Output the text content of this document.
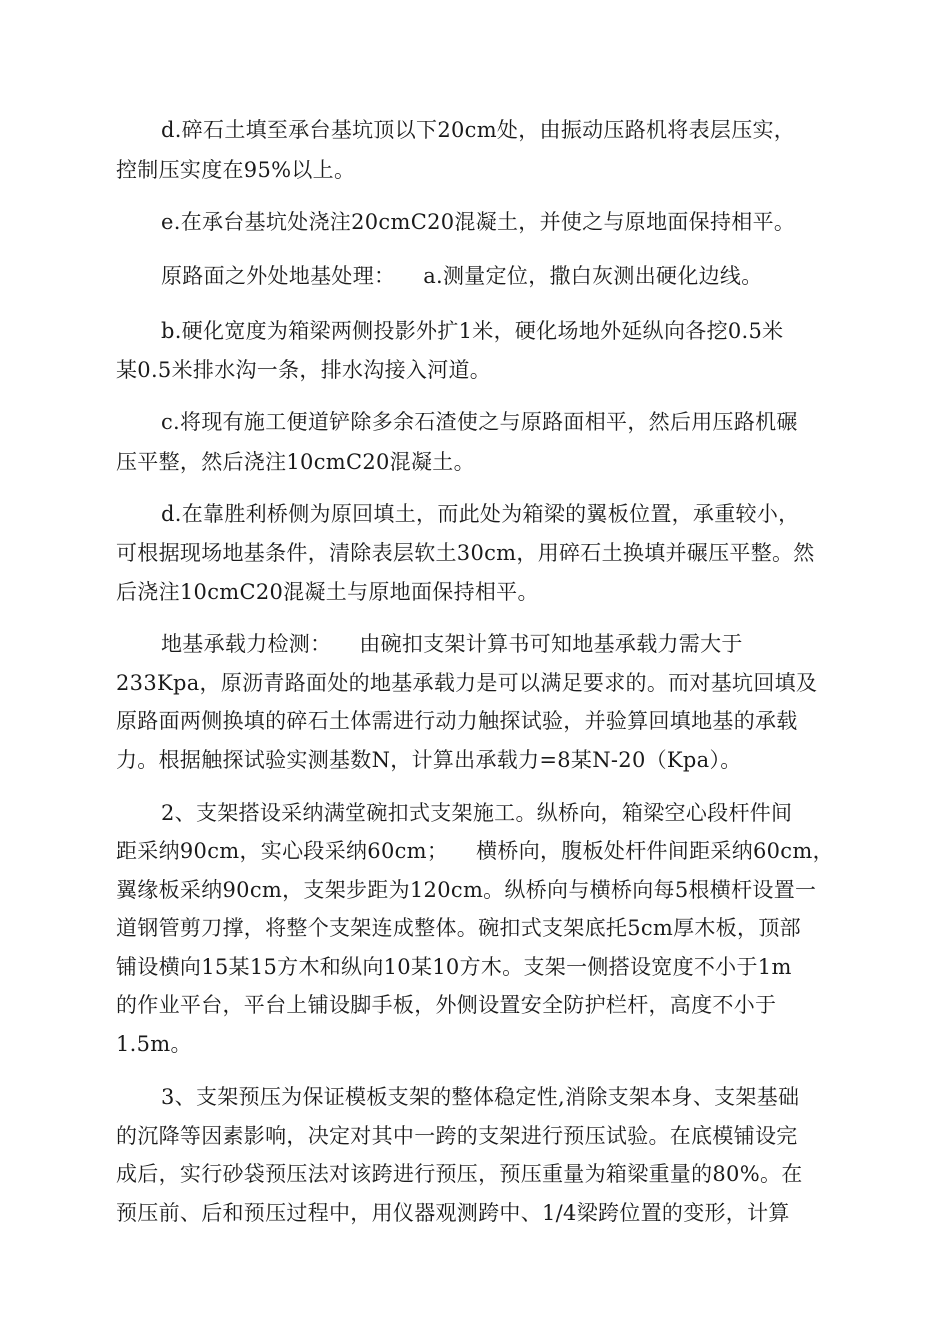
d.碎石土填至承台基坑顶以下20cm处，由振动压路机将表层压实，
控制压实度在95%以上。
e.在承台基坑处浇注20cmC20混凝土，并使之与原地面保持相平。
原路面之外处地基处理：    a.测量定位，撒白灰测出硬化边线。
b.硬化宽度为箱梁两侧投影外扩1米，硬化场地外延纵向各挖0.5米
某0.5米排水沟一条，排水沟接入河道。
c.将现有施工便道铲除多余石渣使之与原路面相平，然后用压路机碾
压平整，然后浇注10cmC20混凝土。
d.在靠胜利桥侧为原回填土，而此处为箱梁的翼板位置，承重较小，
可根据现场地基条件，清除表层软土30cm，用碎石土换填并碾压平整。然
后浇注10cmC20混凝土与原地面保持相平。
地基承载力检测：    由碗扣支架计算书可知地基承载力需大于
233Kpa，原沥青路面处的地基承载力是可以满足要求的。而对基坑回填及
原路面两侧换填的碎石土体需进行动力触探试验，并验算回填地基的承载
力。根据触探试验实测基数N，计算出承载力=8某N-20（Kpa）。
2、支架搭设采纳满堂碗扣式支架施工。纵桥向，箱梁空心段杆件间
距采纳90cm，实心段采纳60cm；    横桥向，腹板处杆件间距采纳60cm，
翼缘板采纳90cm，支架步距为120cm。纵桥向与横桥向每5根横杆设置一
道钢管剪刀撑，将整个支架连成整体。碗扣式支架底托5cm厚木板，顶部
铺设横向15某15方木和纵向10某10方木。支架一侧搭设宽度不小于1m
的作业平台，平台上铺设脚手板，外侧设置安全防护栏杆，高度不小于
1.5m。
3、支架预压为保证模板支架的整体稳定性,消除支架本身、支架基础
的沉降等因素影响，决定对其中一跨的支架进行预压试验。在底模铺设完
成后，实行砂袋预压法对该跨进行预压，预压重量为箱梁重量的80%。在
预压前、后和预压过程中，用仪器观测跨中、1/4梁跨位置的变形，计算
